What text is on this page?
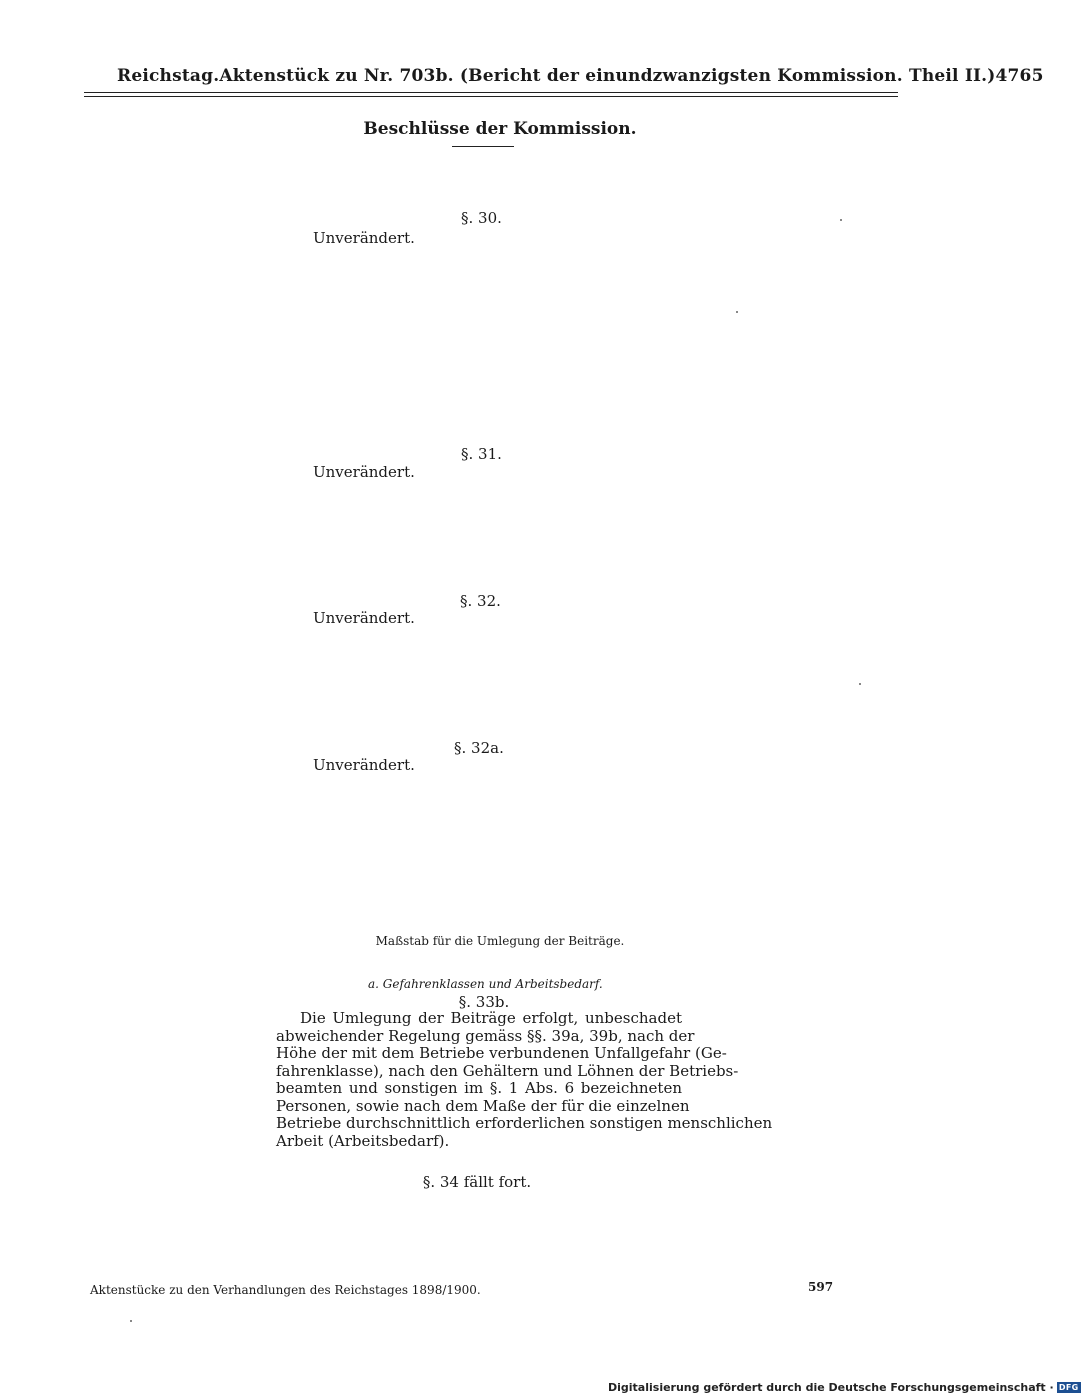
Reichstag. Aktenstück zu Nr. 703b. (Bericht der einundzwanzigsten Kommission. Theil II.) 4765
Beschlüsse der Kommission.
§. 30.
Unverändert.
§. 31.
Unverändert.
§. 32.
Unverändert.
§. 32a.
Unverändert.
Maßstab für die Umlegung der Beiträge.
a. Gefahrenklassen und Arbeitsbedarf.
§. 33b.
Die Umlegung der Beiträge erfolgt, unbeschadet
abweichender Regelung gemäss §§. 39a, 39b, nach der
Höhe der mit dem Betriebe verbundenen Unfallgefahr (Ge-
fahrenklasse), nach den Gehältern und Löhnen der Betriebs-
beamten und sonstigen im §. 1 Abs. 6 bezeichneten
Personen, sowie nach dem Maße der für die einzelnen
Betriebe durchschnittlich erforderlichen sonstigen menschlichen
Arbeit (Arbeitsbedarf).
§. 34 fällt fort.
Aktenstücke zu den Verhandlungen des Reichstages 1898/1900.	597
Digitalisierung gefördert durch die Deutsche Forschungsgemeinschaft · DFG
